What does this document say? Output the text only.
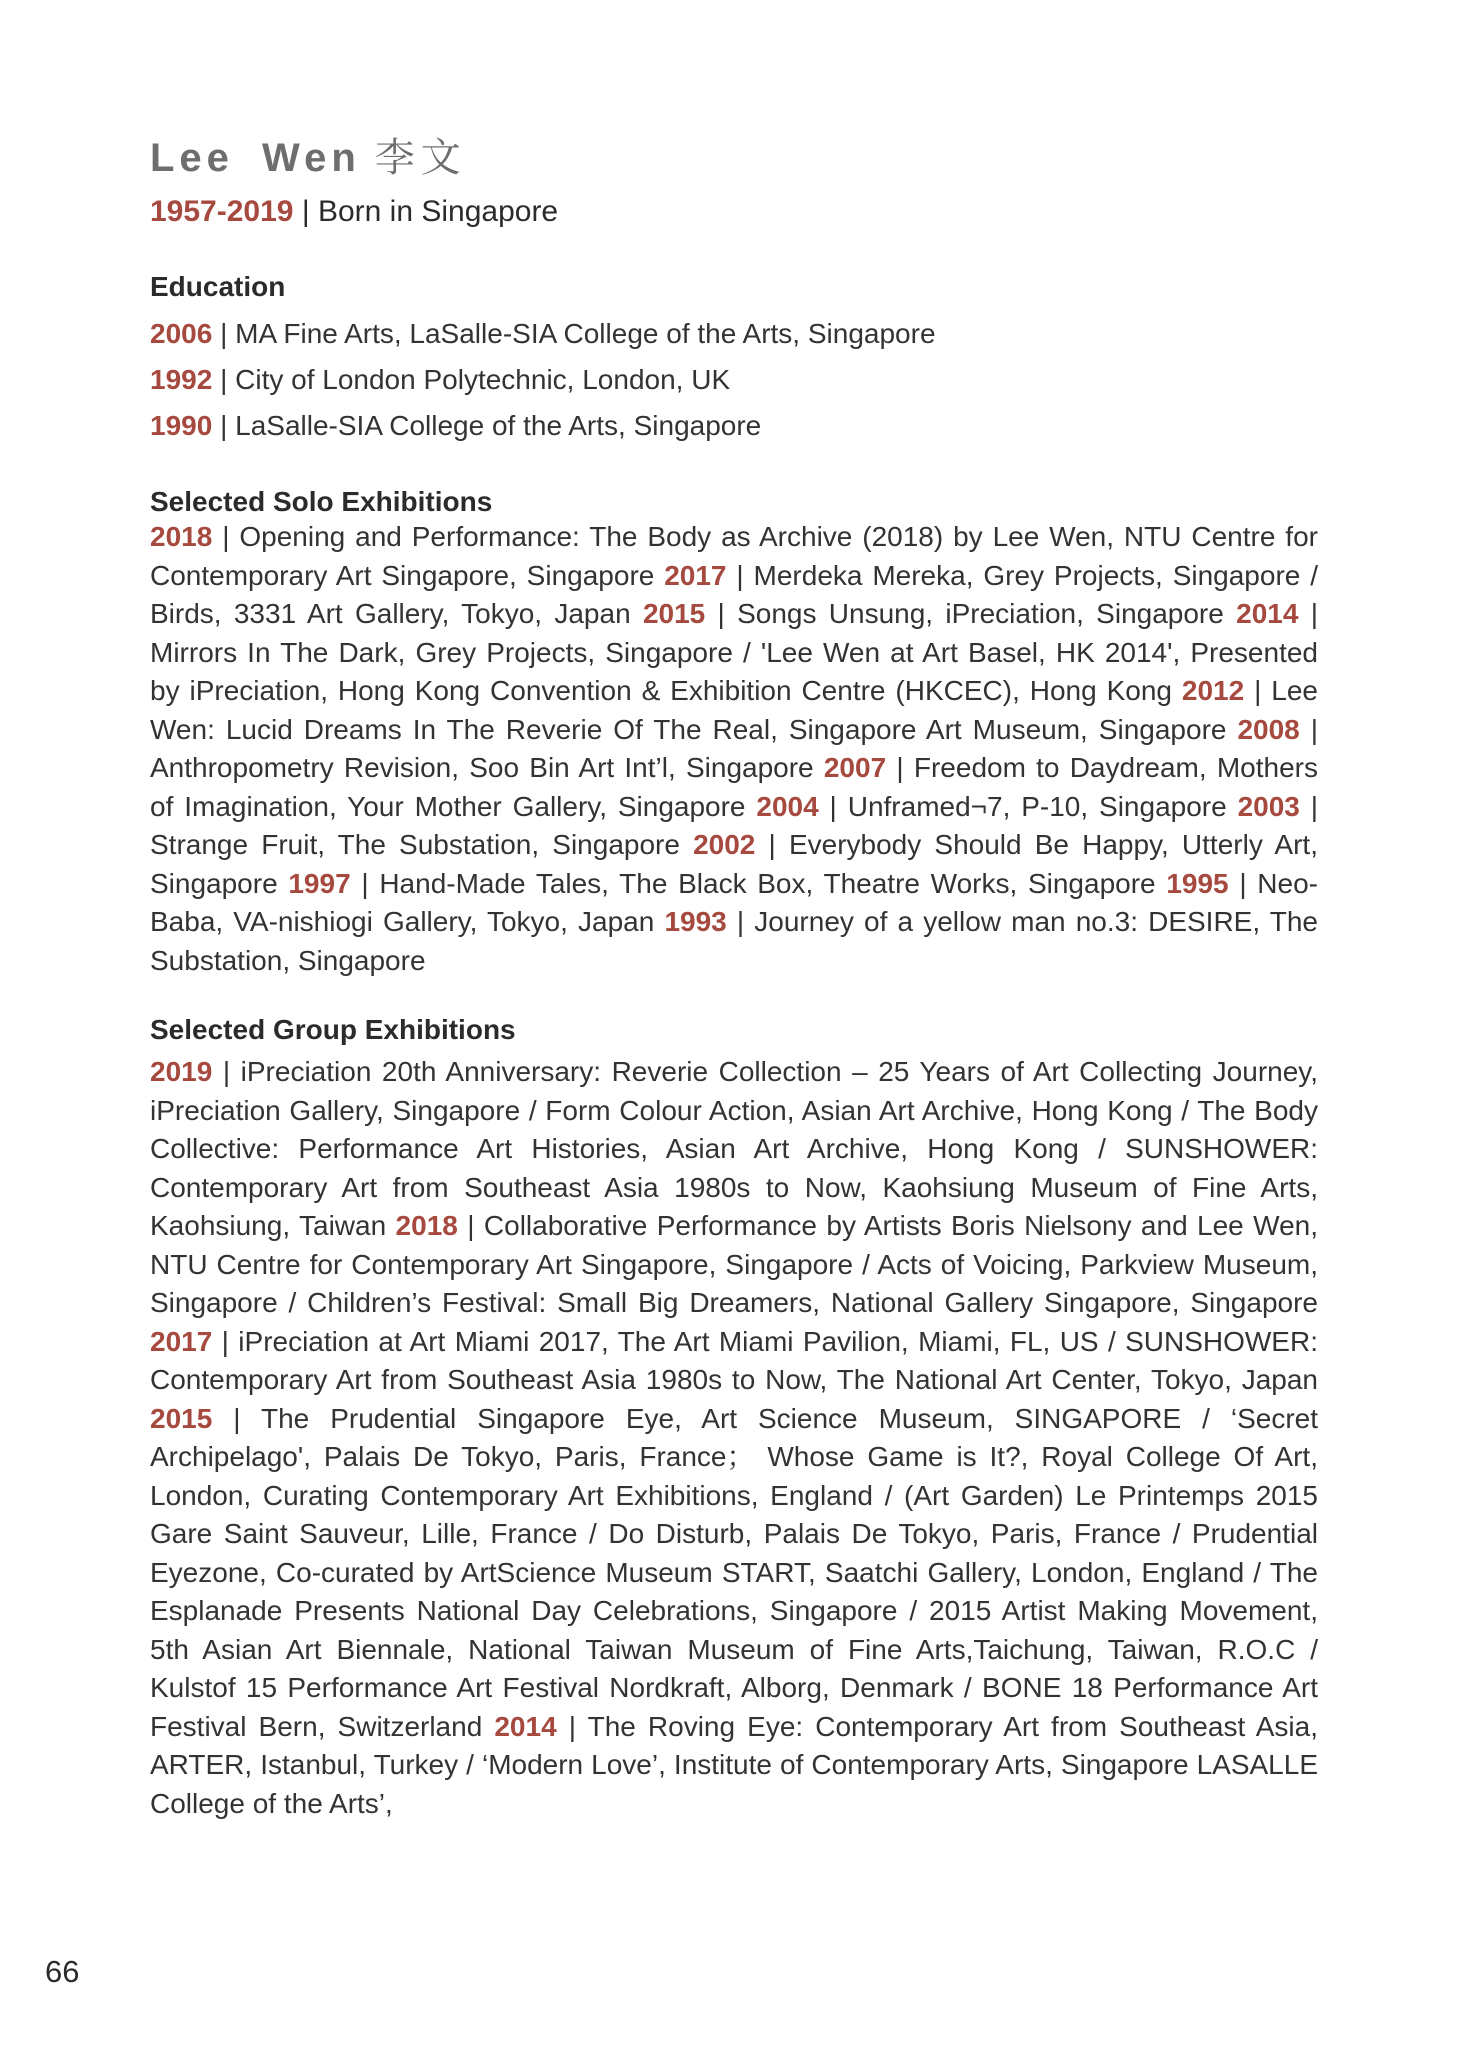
Lee Wen 李文

1957-2019 | Born in Singapore

Education
2006 | MA Fine Arts, LaSalle-SIA College of the Arts, Singapore
1992 | City of London Polytechnic, London, UK
1990 | LaSalle-SIA College of the Arts, Singapore
Selected Solo Exhibitions

2018 | Opening and Performance: The Body as Archive (2018) by Lee Wen, NTU Centre for Contemporary Art Singapore, Singapore 2017 | Merdeka Mereka, Grey Projects, Singapore / Birds, 3331 Art Gallery, Tokyo, Japan 2015 | Songs Unsung, iPreciation, Singapore 2014 | Mirrors In The Dark, Grey Projects, Singapore / 'Lee Wen at Art Basel, HK 2014', Presented by iPreciation, Hong Kong Convention & Exhibition Centre (HKCEC), Hong Kong 2012 | Lee Wen: Lucid Dreams In The Reverie Of The Real, Singapore Art Museum, Singapore 2008 | Anthropometry Revision, Soo Bin Art Int’l, Singapore 2007 | Freedom to Daydream, Mothers of Imagination, Your Mother Gallery, Singapore 2004 | Unframed¬7, P-10, Singapore 2003 | Strange Fruit, The Substation, Singapore 2002 | Everybody Should Be Happy, Utterly Art, Singapore 1997 | Hand-Made Tales, The Black Box, Theatre Works, Singapore 1995 | Neo-Baba, VA-nishiogi Gallery, Tokyo, Japan 1993 | Journey of a yellow man no.3: DESIRE, The Substation, Singapore

Selected Group Exhibitions

2019 | iPreciation 20th Anniversary: Reverie Collection – 25 Years of Art Collecting Journey, iPreciation Gallery, Singapore / Form Colour Action, Asian Art Archive, Hong Kong / The Body Collective: Performance Art Histories, Asian Art Archive, Hong Kong / SUNSHOWER: Contemporary Art from Southeast Asia 1980s to Now, Kaohsiung Museum of Fine Arts, Kaohsiung, Taiwan 2018 | Collaborative Performance by Artists Boris Nielsony and Lee Wen, NTU Centre for Contemporary Art Singapore, Singapore / Acts of Voicing, Parkview Museum, Singapore / Children’s Festival: Small Big Dreamers, National Gallery Singapore, Singapore 2017 | iPreciation at Art Miami 2017, The Art Miami Pavilion, Miami, FL, US / SUNSHOWER: Contemporary Art from Southeast Asia 1980s to Now, The National Art Center, Tokyo, Japan 2015 | The Prudential Singapore Eye, Art Science Museum, SINGAPORE / ‘Secret Archipelago', Palais De Tokyo, Paris, France； Whose Game is It?, Royal College Of Art, London, Curating Contemporary Art Exhibitions, England / (Art Garden) Le Printemps 2015 Gare Saint Sauveur, Lille, France / Do Disturb, Palais De Tokyo, Paris, France / Prudential Eyezone, Co-curated by ArtScience Museum START, Saatchi Gallery, London, England / The Esplanade Presents National Day Celebrations, Singapore / 2015 Artist Making Movement, 5th Asian Art Biennale, National Taiwan Museum of Fine Arts,Taichung, Taiwan, R.O.C / Kulstof 15 Performance Art Festival Nordkraft, Alborg, Denmark / BONE 18 Performance Art Festival Bern, Switzerland 2014 | The Roving Eye: Contemporary Art from Southeast Asia, ARTER, Istanbul, Turkey / ‘Modern Love’, Institute of Contemporary Arts, Singapore LASALLE College of the Arts’,

66
